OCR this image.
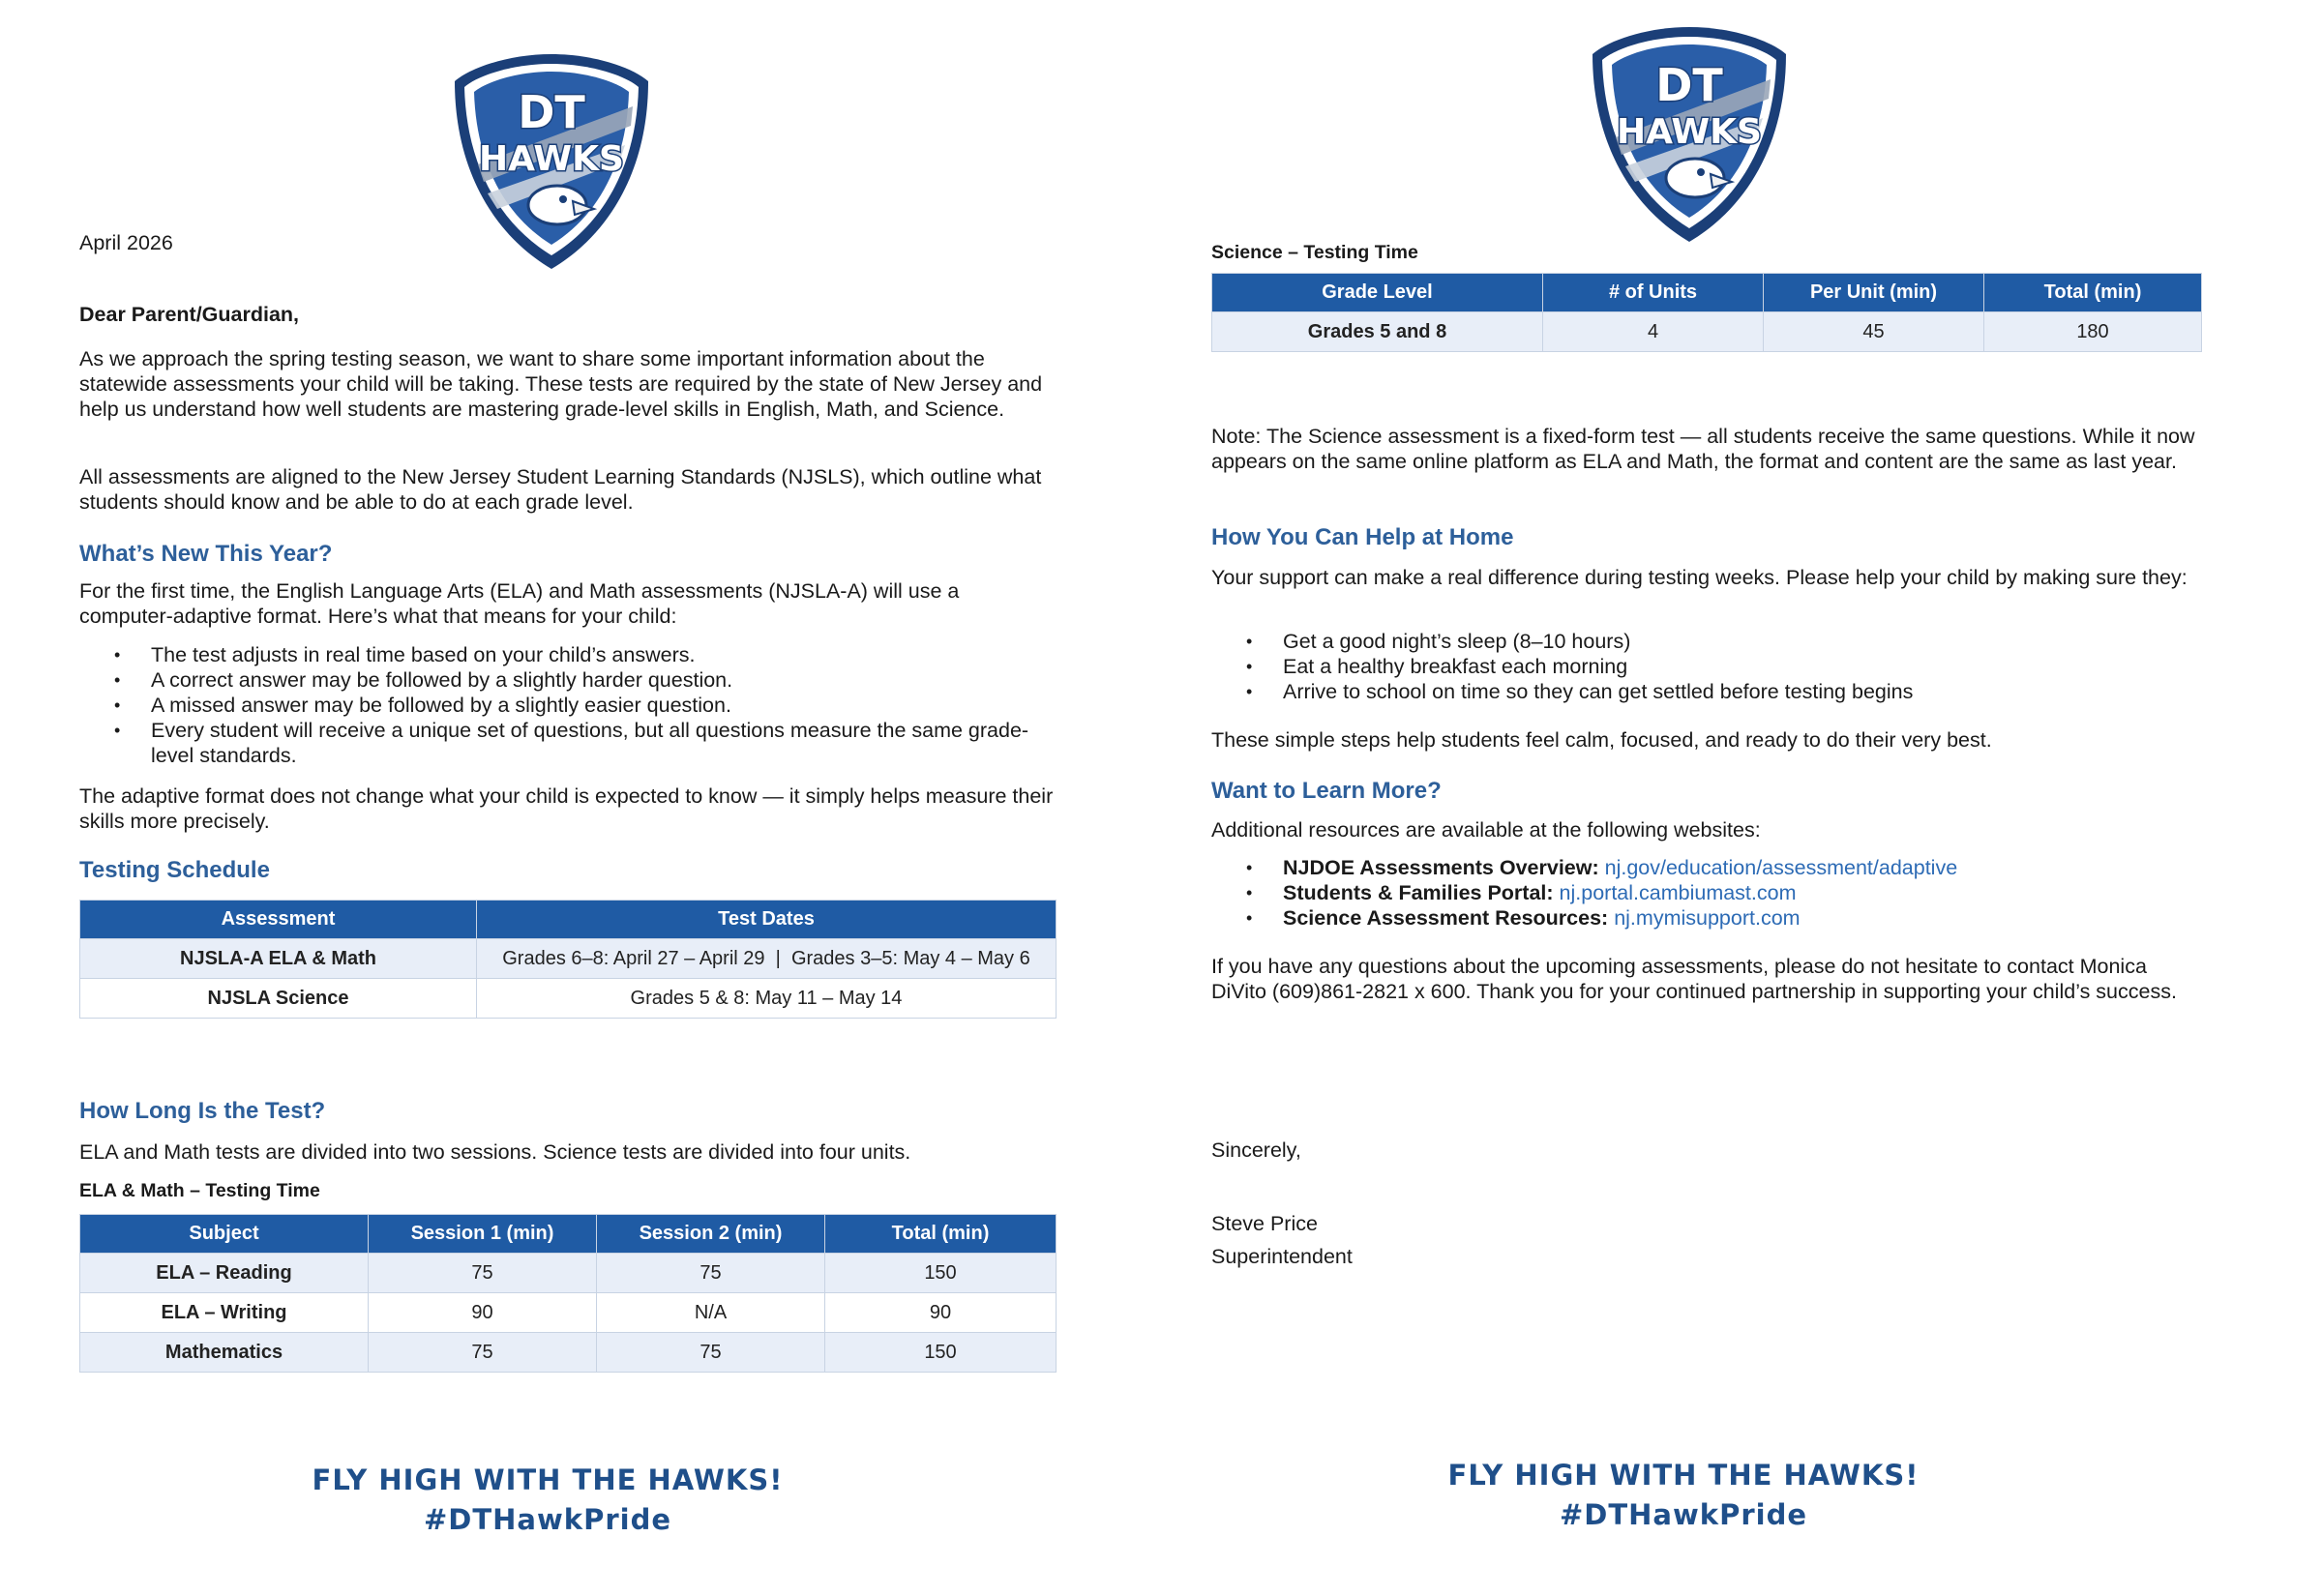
April 2026
Dear Parent/Guardian,
As we approach the spring testing season, we want to share some important information about the statewide assessments your child will be taking. These tests are required by the state of New Jersey and help us understand how well students are mastering grade-level skills in English, Math, and Science.
All assessments are aligned to the New Jersey Student Learning Standards (NJSLS), which outline what students should know and be able to do at each grade level.
What’s New This Year?
For the first time, the English Language Arts (ELA) and Math assessments (NJSLA-A) will use a computer-adaptive format. Here’s what that means for your child:
• The test adjusts in real time based on your child’s answers.
• A correct answer may be followed by a slightly harder question.
• A missed answer may be followed by a slightly easier question.
• Every student will receive a unique set of questions, but all questions measure the same grade-level standards.
The adaptive format does not change what your child is expected to know — it simply helps measure their skills more precisely.
Testing Schedule
Assessment	Test Dates
NJSLA-A ELA & Math	Grades 6–8: April 27 – April 29  |  Grades 3–5: May 4 – May 6
NJSLA Science	Grades 5 & 8: May 11 – May 14
How Long Is the Test?
ELA and Math tests are divided into two sessions. Science tests are divided into four units.
ELA & Math – Testing Time
Subject	Session 1 (min)	Session 2 (min)	Total (min)
ELA – Reading	75	75	150
ELA – Writing	90	N/A	90
Mathematics	75	75	150
FLY HIGH WITH THE HAWKS!
#DTHawkPride
Science – Testing Time
Grade Level	# of Units	Per Unit (min)	Total (min)
Grades 5 and 8	4	45	180
Note: The Science assessment is a fixed-form test — all students receive the same questions. While it now appears on the same online platform as ELA and Math, the format and content are the same as last year.
How You Can Help at Home
Your support can make a real difference during testing weeks. Please help your child by making sure they:
• Get a good night’s sleep (8–10 hours)
• Eat a healthy breakfast each morning
• Arrive to school on time so they can get settled before testing begins
These simple steps help students feel calm, focused, and ready to do their very best.
Want to Learn More?
Additional resources are available at the following websites:
• NJDOE Assessments Overview: nj.gov/education/assessment/adaptive
• Students & Families Portal: nj.portal.cambiumast.com
• Science Assessment Resources: nj.mymisupport.com
If you have any questions about the upcoming assessments, please do not hesitate to contact Monica DiVito (609)861-2821 x 600. Thank you for your continued partnership in supporting your child’s success.
Sincerely,
Steve Price
Superintendent
FLY HIGH WITH THE HAWKS!
#DTHawkPride
